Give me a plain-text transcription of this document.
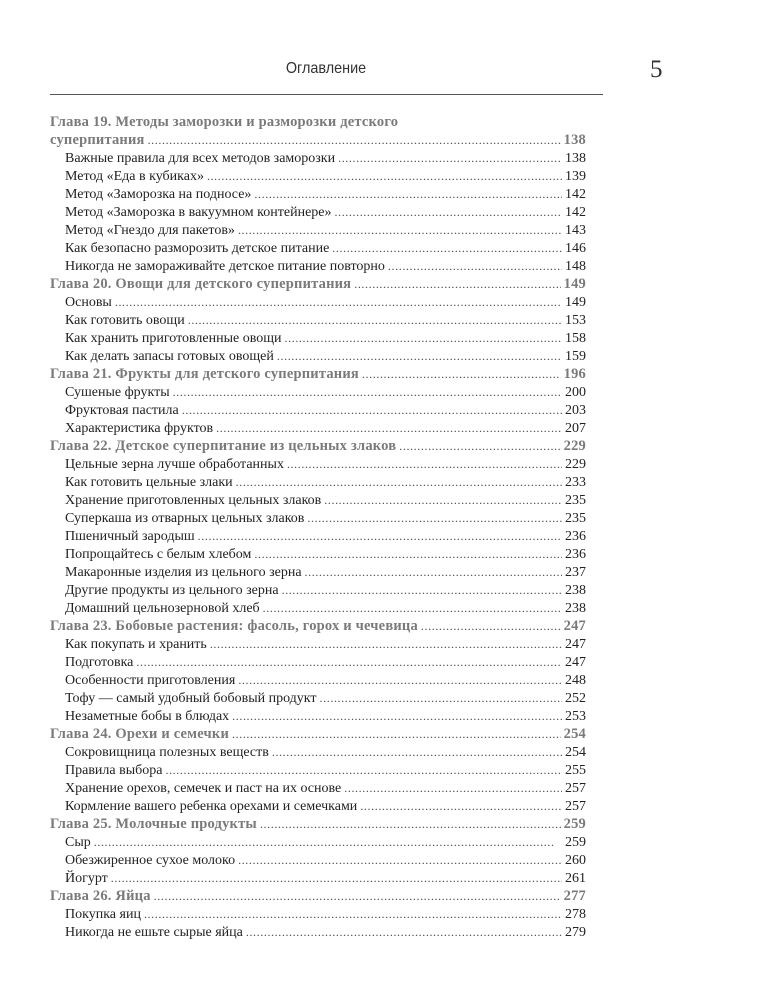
Оглавление	5
Глава 19. Методы заморозки и разморозки детского
суперпитания . . .	138
Важные правила для всех методов заморозки . . .	138
Метод «Еда в кубиках» . . .	139
Метод «Заморозка на подносе» . . .	142
Метод «Заморозка в вакуумном контейнере» . . .	142
Метод «Гнездо для пакетов» . . .	143
Как безопасно разморозить детское питание . . .	146
Никогда не замораживайте детское питание повторно . . .	148
Глава 20. Овощи для детского суперпитания . . .	149
Основы . . .	149
Как готовить овощи . . .	153
Как хранить приготовленные овощи . . .	158
Как делать запасы готовых овощей . . .	159
Глава 21. Фрукты для детского суперпитания . . .	196
Сушеные фрукты . . .	200
Фруктовая пастила . . .	203
Характеристика фруктов . . .	207
Глава 22. Детское суперпитание из цельных злаков . . .	229
Цельные зерна лучше обработанных . . .	229
Как готовить цельные злаки . . .	233
Хранение приготовленных цельных злаков . . .	235
Суперкаша из отварных цельных злаков . . .	235
Пшеничный зародыш . . .	236
Попрощайтесь с белым хлебом . . .	236
Макаронные изделия из цельного зерна . . .	237
Другие продукты из цельного зерна . . .	238
Домашний цельнозерновой хлеб . . .	238
Глава 23. Бобовые растения: фасоль, горох и чечевица . . .	247
Как покупать и хранить . . .	247
Подготовка . . .	247
Особенности приготовления . . .	248
Тофу — самый удобный бобовый продукт . . .	252
Незаметные бобы в блюдах . . .	253
Глава 24. Орехи и семечки . . .	254
Сокровищница полезных веществ . . .	254
Правила выбора . . .	255
Хранение орехов, семечек и паст на их основе . . .	257
Кормление вашего ребенка орехами и семечками . . .	257
Глава 25. Молочные продукты . . .	259
Сыр . . .	259
Обезжиренное сухое молоко . . .	260
Йогурт . . .	261
Глава 26. Яйца . . .	277
Покупка яиц . . .	278
Никогда не ешьте сырые яйца . . .	279
